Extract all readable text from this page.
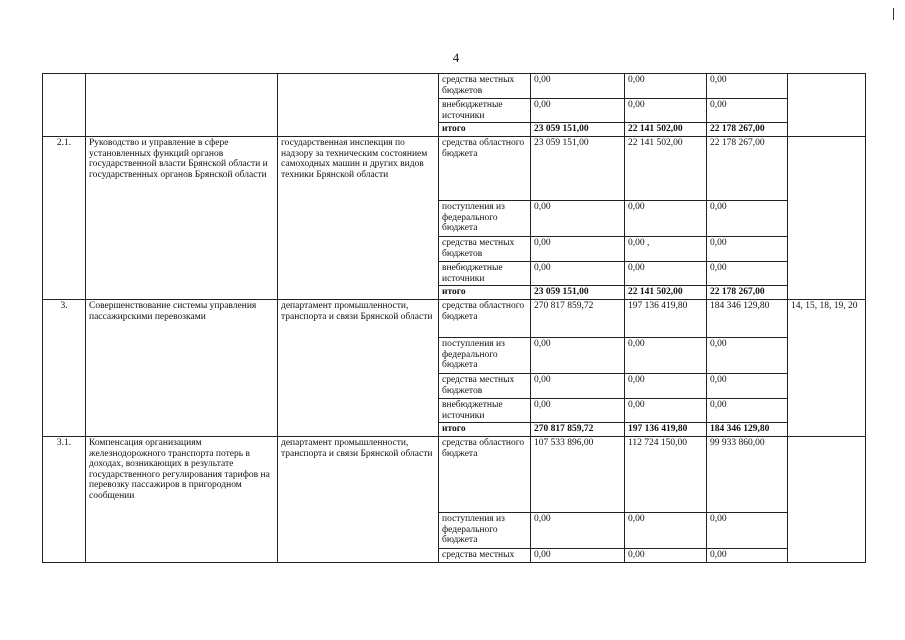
4
			средства местных бюджетов	0,00	0,00	0,00	
			внебюджетные источники	0,00	0,00	0,00	
			итого	23 059 151,00	22 141 502,00	22 178 267,00	
2.1.	Руководство и управление в сфере установленных функций органов государственной власти Брянской области и государственных органов Брянской области	государственная инспекция по надзору за техническим состоянием самоходных машин и других видов техники Брянской области	средства областного бюджета	23 059 151,00	22 141 502,00	22 178 267,00	
			поступления из федерального бюджета	0,00	0,00	0,00	
			средства местных бюджетов	0,00	0,00 ,	0,00	
			внебюджетные источники	0,00	0,00	0,00	
			итого	23 059 151,00	22 141 502,00	22 178 267,00	
3.	Совершенствование системы управления пассажирскими перевозками	департамент промышленности, транспорта и связи Брянской области	средства областного бюджета	270 817 859,72	197 136 419,80	184 346 129,80	14, 15, 18, 19, 20
			поступления из федерального бюджета	0,00	0,00	0,00	
			средства местных бюджетов	0,00	0,00	0,00	
			внебюджетные источники	0,00	0,00	0,00	
			итого	270 817 859,72	197 136 419,80	184 346 129,80	
3.1.	Компенсация организациям железнодорожного транспорта потерь в доходах, возникающих в результате государственного регулирования тарифов на перевозку пассажиров в пригородном сообщении	департамент промышленности, транспорта и связи Брянской области	средства областного бюджета	107 533 896,00	112 724 150,00	99 933 860,00	
			поступления из федерального бюджета	0,00	0,00	0,00	
			средства местных	0,00	0,00	0,00	
